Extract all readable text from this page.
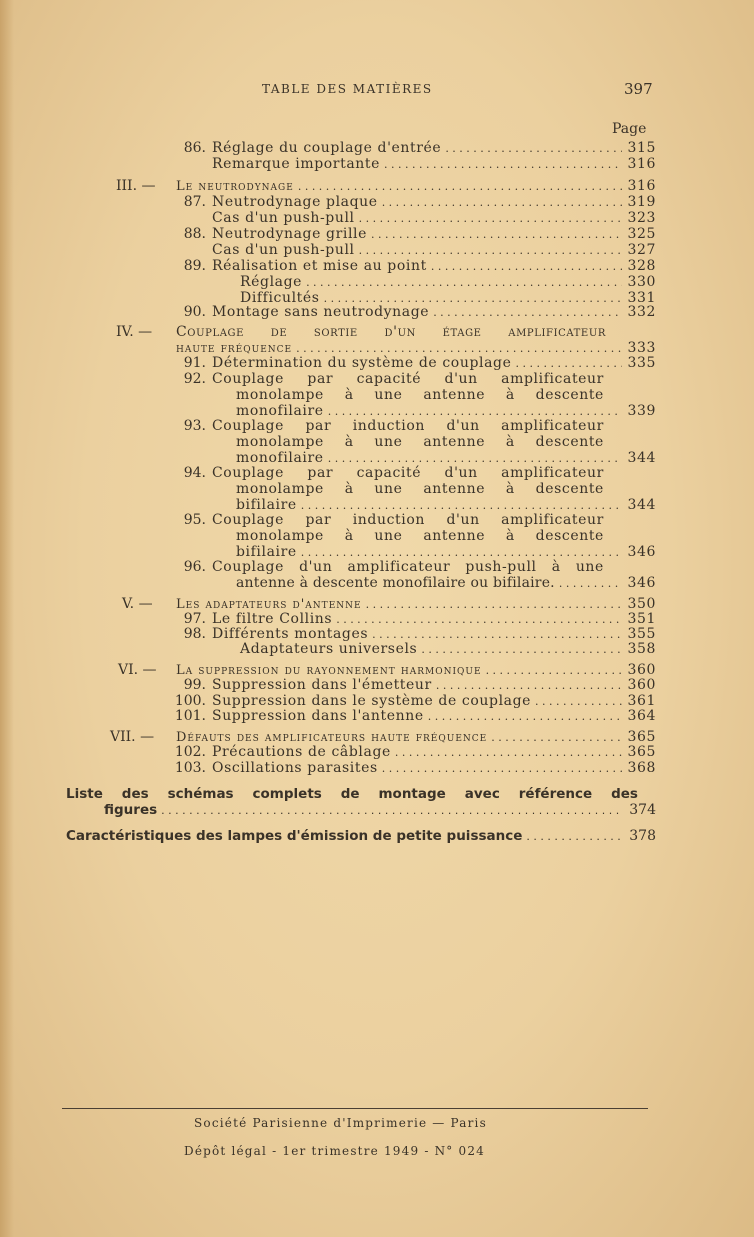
TABLE DES MATIÈRES	397
Page
86. Réglage du couplage d'entrée . . .	315
Remarque importante . . .	316
III. — Le neutrodynage . . .	316
87. Neutrodynage plaque . . .	319
Cas d'un push-pull . . .	323
88. Neutrodynage grille . . .	325
Cas d'un push-pull . . .	327
89. Réalisation et mise au point . . .	328
Réglage . . .	330
Difficultés . . .	331
90. Montage sans neutrodynage . . .	332
IV. — Couplage de sortie d'un étage amplificateur
haute fréquence . . .	333
91. Détermination du système de couplage . . .	335
92. Couplage par capacité d'un amplificateur
monolampe à une antenne à descente
monofilaire . . .	339
93. Couplage par induction d'un amplificateur
monolampe à une antenne à descente
monofilaire . . .	344
94. Couplage par capacité d'un amplificateur
monolampe à une antenne à descente
bifilaire . . .	344
95. Couplage par induction d'un amplificateur
monolampe à une antenne à descente
bifilaire . . .	346
96. Couplage d'un amplificateur push-pull à une
antenne à descente monofilaire ou bifilaire. . . .	346
V. — Les adaptateurs d'antenne . . .	350
97. Le filtre Collins . . .	351
98. Différents montages . . .	355
Adaptateurs universels . . .	358
VI. — La suppression du rayonnement harmonique . . .	360
99. Suppression dans l'émetteur . . .	360
100. Suppression dans le système de couplage . . .	361
101. Suppression dans l'antenne . . .	364
VII. — Défauts des amplificateurs haute fréquence . . .	365
102. Précautions de câblage . . .	365
103. Oscillations parasites . . .	368
Liste des schémas complets de montage avec référence des
figures . . .	374
Caractéristiques des lampes d'émission de petite puissance . . .	378
Société Parisienne d'Imprimerie — Paris
Dépôt légal - 1er trimestre 1949 - N° 024
